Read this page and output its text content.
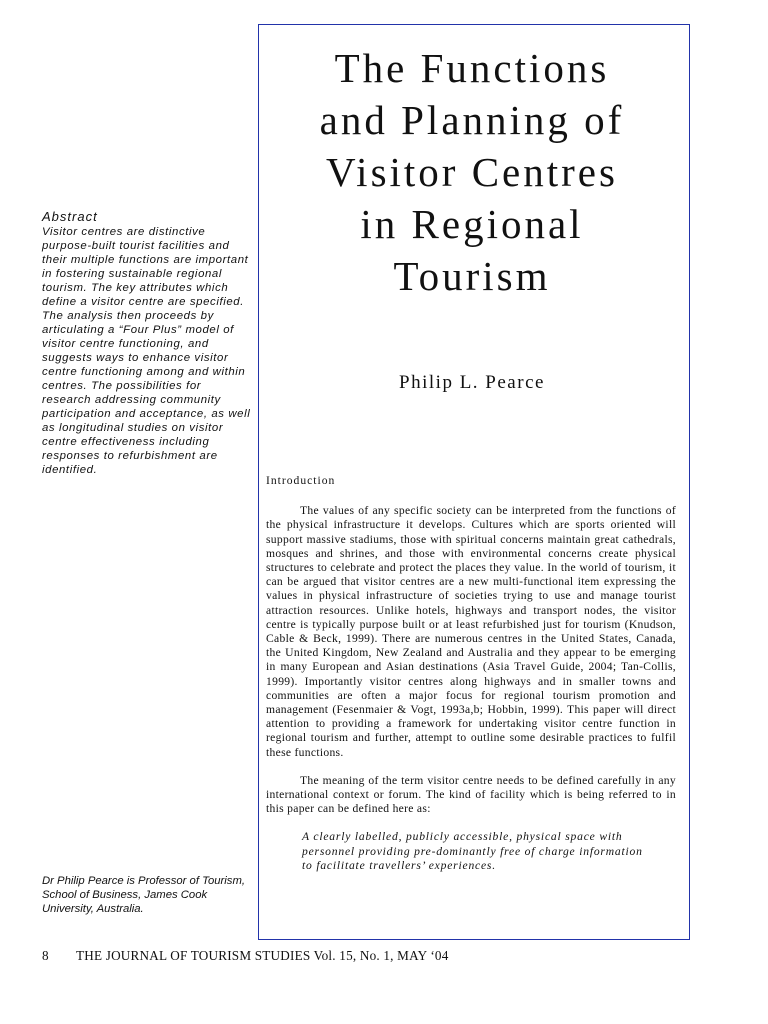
The Functions
and Planning of
Visitor Centres
in Regional
Tourism

Philip L. Pearce

Abstract
Visitor centres are distinctive purpose-built tourist facilities and their multiple functions are important in fostering sustainable regional tourism. The key attributes which define a visitor centre are specified. The analysis then proceeds by articulating a “Four Plus” model of visitor centre functioning, and suggests ways to enhance visitor centre functioning among and within centres. The possibilities for research addressing community participation and acceptance, as well as longitudinal studies on visitor centre effectiveness including responses to refurbishment are identified.
Dr Philip Pearce is Professor of Tourism, School of Business, James Cook University, Australia.
Introduction

The values of any specific society can be interpreted from the functions of the physical infrastructure it develops. Cultures which are sports oriented will support massive stadiums, those with spiritual concerns maintain great cathedrals, mosques and shrines, and those with environmental concerns create physical structures to celebrate and protect the places they value. In the world of tourism, it can be argued that visitor centres are a new multi-functional item expressing the values in physical infrastructure of societies trying to use and manage tourist attraction resources. Unlike hotels, highways and transport nodes, the visitor centre is typically purpose built or at least refurbished just for tourism (Knudson, Cable & Beck, 1999). There are numerous centres in the United States, Canada, the United Kingdom, New Zealand and Australia and they appear to be emerging in many European and Asian destinations (Asia Travel Guide, 2004; Tan-Collis, 1999). Importantly visitor centres along highways and in smaller towns and communities are often a major focus for regional tourism promotion and management (Fesenmaier & Vogt, 1993a,b; Hobbin, 1999). This paper will direct attention to providing a framework for undertaking visitor centre function in regional tourism and further, attempt to outline some desirable practices to fulfil these functions.

The meaning of the term visitor centre needs to be defined carefully in any international context or forum. The kind of facility which is being referred to in this paper can be defined here as:

A clearly labelled, publicly accessible, physical space with personnel providing pre-dominantly free of charge information to facilitate travellers’ experiences.
8 THE JOURNAL OF TOURISM STUDIES Vol. 15, No. 1, MAY ‘04
